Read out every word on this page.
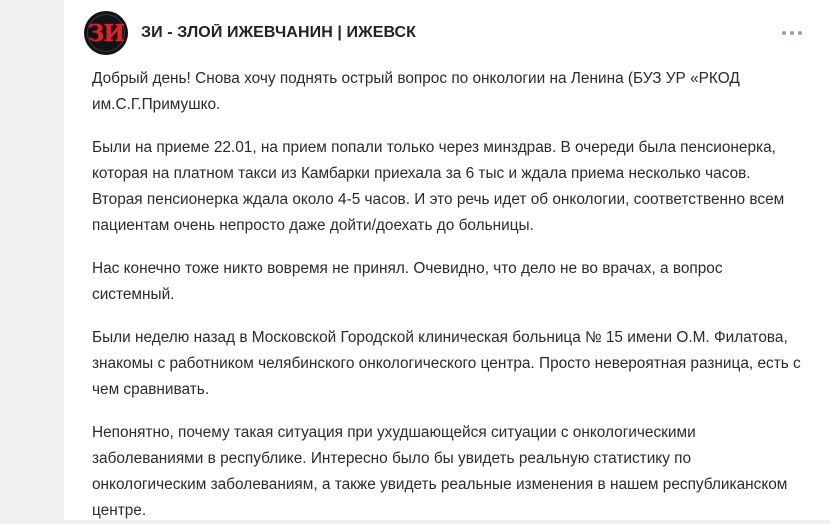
ЗИ ЗИ - ЗЛОЙ ИЖЕВЧАНИН | ИЖЕВСК

Добрый день! Снова хочу поднять острый вопрос по онкологии на Ленина (БУЗ УР «РКОД им.С.Г.Примушко.

Были на приеме 22.01, на прием попали только через минздрав. В очереди была пенсионерка, которая на платном такси из Камбарки приехала за 6 тыс и ждала приема несколько часов. Вторая пенсионерка ждала около 4-5 часов. И это речь идет об онкологии, соответственно всем пациентам очень непросто даже дойти/доехать до больницы.

Нас конечно тоже никто вовремя не принял. Очевидно, что дело не во врачах, а вопрос системный.

Были неделю назад в Московской Городской клиническая больница № 15 имени О.М. Филатова, знакомы с работником челябинского онкологического центра. Просто невероятная разница, есть с чем сравнивать.

Непонятно, почему такая ситуация при ухудшающейся ситуации с онкологическими заболеваниями в республике. Интересно было бы увидеть реальную статистику по онкологическим заболеваниям, а также увидеть реальные изменения в нашем республиканском центре.
